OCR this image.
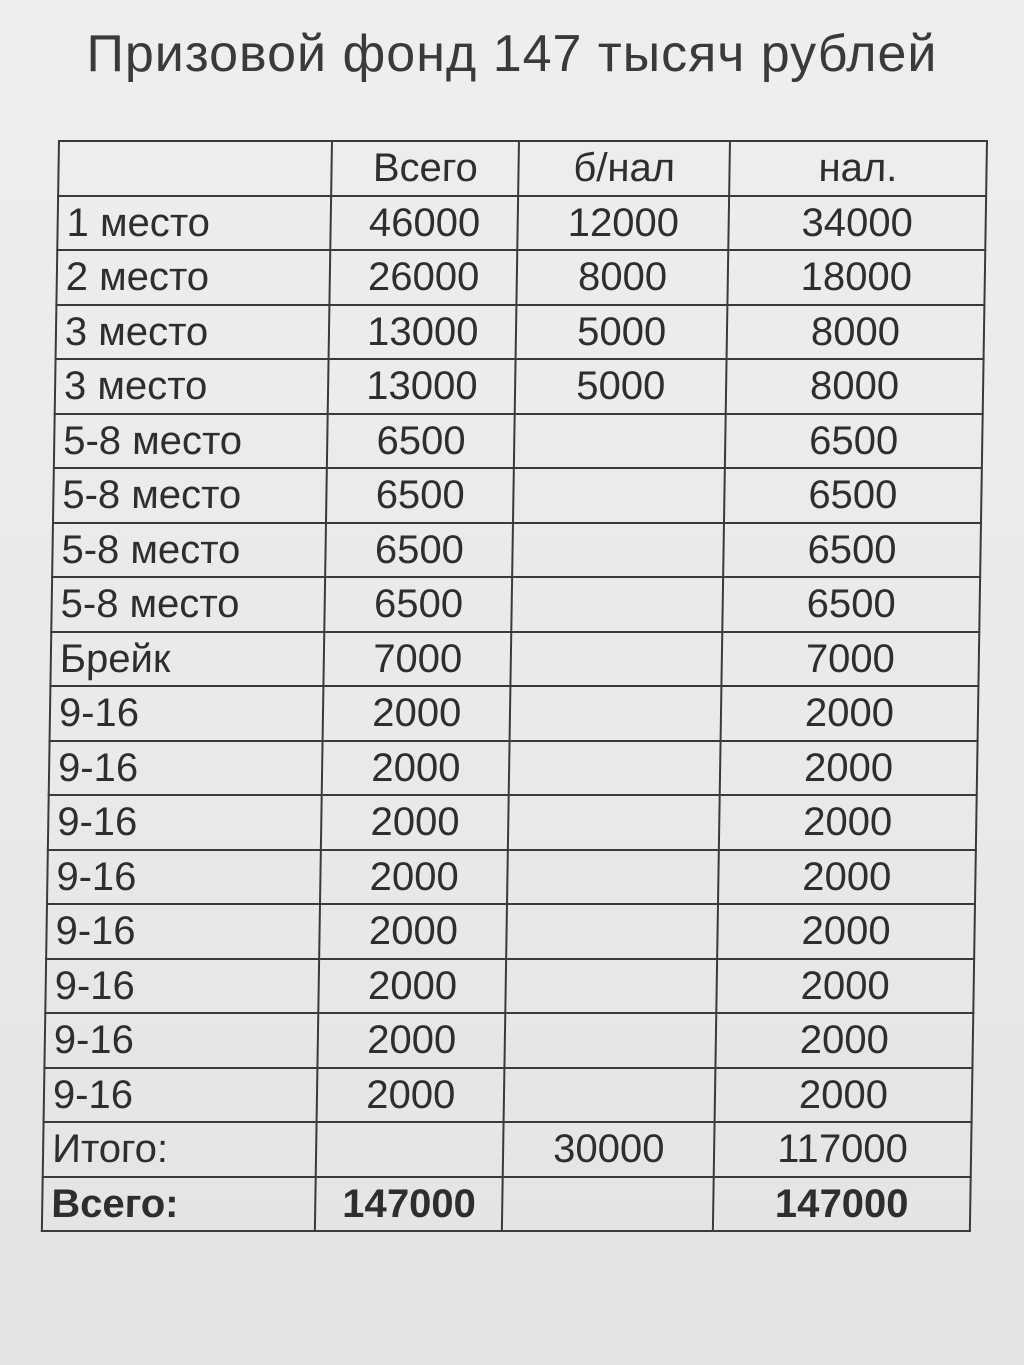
Призовой фонд 147 тысяч рублей
	Всего	б/нал	нал.
1 место	46000	12000	34000
2 место	26000	8000	18000
3 место	13000	5000	8000
3 место	13000	5000	8000
5-8 место	6500		6500
5-8 место	6500		6500
5-8 место	6500		6500
5-8 место	6500		6500
Брейк	7000		7000
9-16	2000		2000
9-16	2000		2000
9-16	2000		2000
9-16	2000		2000
9-16	2000		2000
9-16	2000		2000
9-16	2000		2000
9-16	2000		2000
Итого:		30000	117000
Всего:	147000		147000
